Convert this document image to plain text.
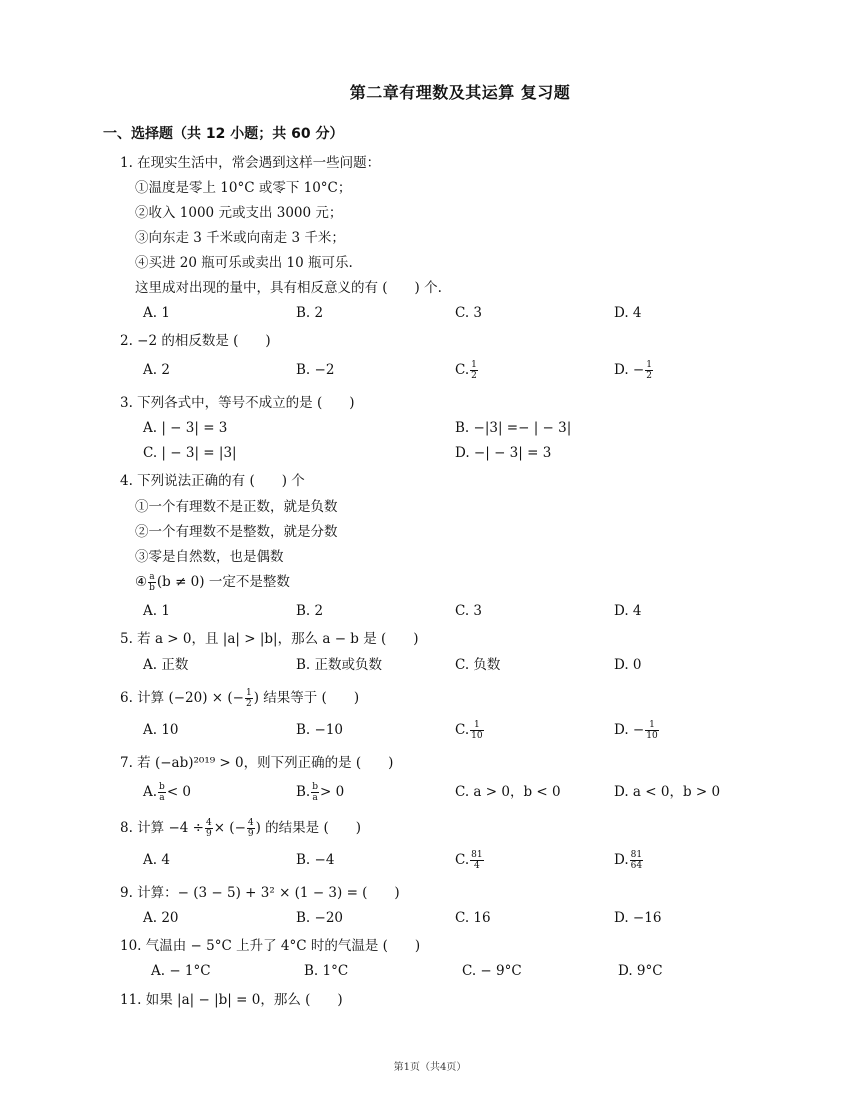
第二章有理数及其运算 复习题
一、选择题（共 12 小题；共 60 分）
1. 在现实生活中，常会遇到这样一些问题：
①温度是零上 10°C 或零下 10°C；
②收入 1000 元或支出 3000 元；
③向东走 3 千米或向南走 3 千米；
④买进 20 瓶可乐或卖出 10 瓶可乐.
这里成对出现的量中，具有相反意义的有 (　　) 个.
A. 1	B. 2	C. 3	D. 4
2. −2 的相反数是 (　　)
A. 2	B. −2	C. $\frac{1}{2}$	D. − $\frac{1}{2}$
3. 下列各式中，等号不成立的是 (　　)
A. | − 3| = 3	B. −|3| =− | − 3|
C. | − 3| = |3|	D. −| − 3| = 3
4. 下列说法正确的有 (　　) 个
①一个有理数不是正数，就是负数
②一个有理数不是整数，就是分数
③零是自然数，也是偶数
④ $\frac{a}{b} (b \ne 0)$ 一定不是整数
A. 1	B. 2	C. 3	D. 4
5. 若 a > 0，且 |a| > |b|，那么 a − b 是 (　　)
A. 正数	B. 正数或负数	C. 负数	D. 0
6. 计算 (−20) × (− $\frac{1}{2}$ ) 结果等于 (　　)
A. 10	B. −10	C. $\frac{1}{10}$	D. − $\frac{1}{10}$
7. 若 (−ab)²⁰¹⁹ > 0，则下列正确的是 (　　)
A. $\frac{b}{a} < 0$	B. $\frac{b}{a} > 0$	C. a > 0，b < 0	D. a < 0，b > 0
8. 计算 $-4 \div \frac{4}{9}$ × (− $\frac{4}{9}$ ) 的结果是 (　　)
A. 4	B. −4	C. $\frac{81}{4}$	D. $\frac{81}{64}$
9. 计算：− (3 − 5) + 3² × (1 − 3) = (　　)
A. 20	B. −20	C. 16	D. −16
10. 气温由 − 5°C 上升了 4°C 时的气温是 (　　)
A. − 1°C	B. 1°C	C. − 9°C	D. 9°C
11. 如果 |a| − |b| = 0，那么 (　　)
第1页（共4页）
